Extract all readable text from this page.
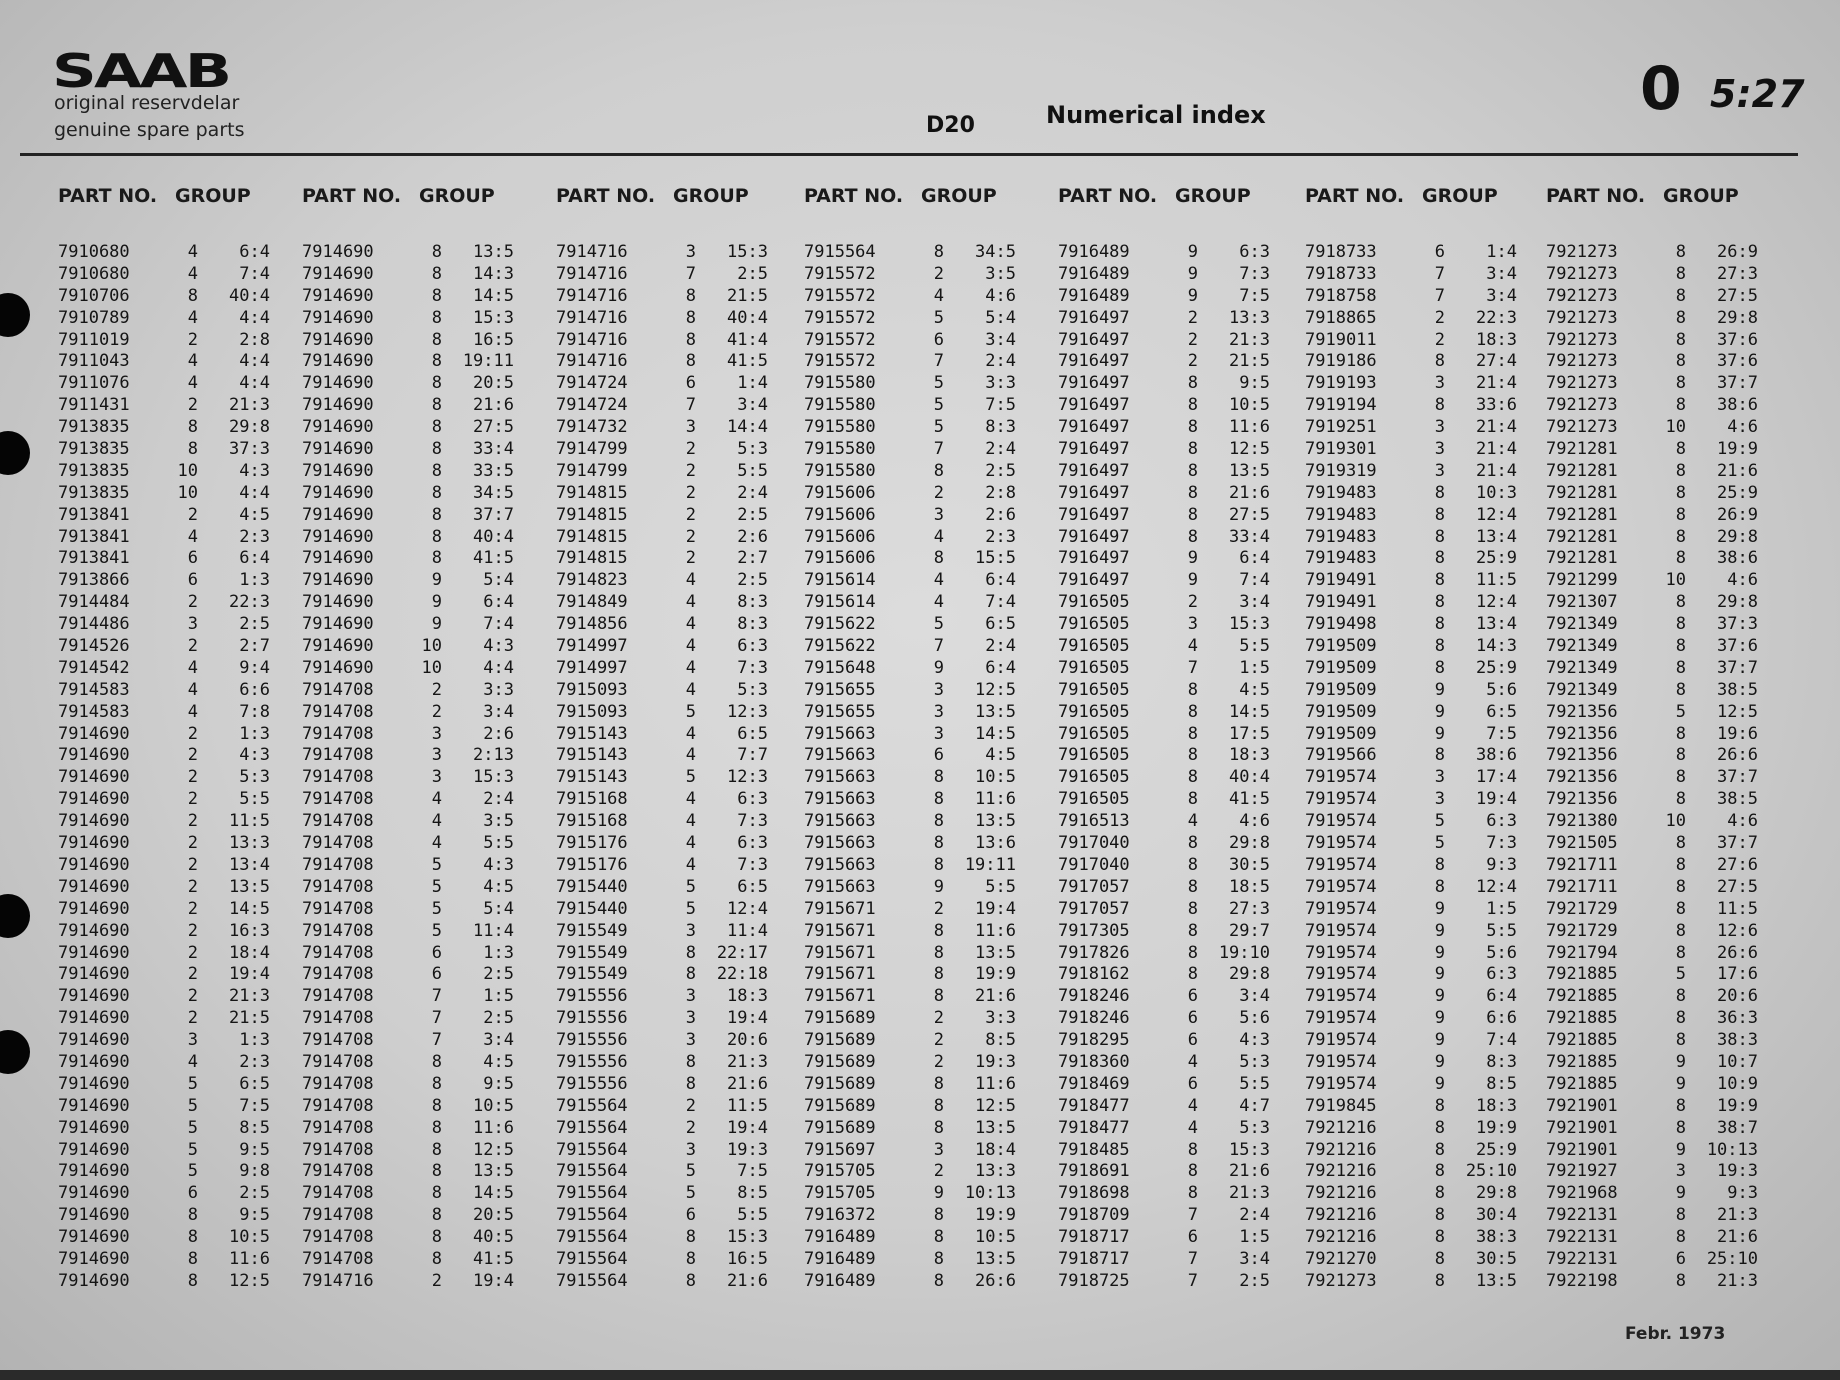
SAAB
original reservdelar
genuine spare parts	D20	Numerical index	0 5:27
PART NO. GROUP
7910680	4	6:4
7910680	4	7:4
7910706	8	40:4
7910789	4	4:4
7911019	2	2:8
7911043	4	4:4
7911076	4	4:4
7911431	2	21:3
7913835	8	29:8
7913835	8	37:3
7913835	10	4:3
7913835	10	4:4
7913841	2	4:5
7913841	4	2:3
7913841	6	6:4
7913866	6	1:3
7914484	2	22:3
7914486	3	2:5
7914526	2	2:7
7914542	4	9:4
7914583	4	6:6
7914583	4	7:8
7914690	2	1:3
7914690	2	4:3
7914690	2	5:3
7914690	2	5:5
7914690	2	11:5
7914690	2	13:3
7914690	2	13:4
7914690	2	13:5
7914690	2	14:5
7914690	2	16:3
7914690	2	18:4
7914690	2	19:4
7914690	2	21:3
7914690	2	21:5
7914690	3	1:3
7914690	4	2:3
7914690	5	6:5
7914690	5	7:5
7914690	5	8:5
7914690	5	9:5
7914690	5	9:8
7914690	6	2:5
7914690	8	9:5
7914690	8	10:5
7914690	8	11:6
7914690	8	12:5
PART NO. GROUP
7914690	8	13:5
7914690	8	14:3
7914690	8	14:5
7914690	8	15:3
7914690	8	16:5
7914690	8	19:11
7914690	8	20:5
7914690	8	21:6
7914690	8	27:5
7914690	8	33:4
7914690	8	33:5
7914690	8	34:5
7914690	8	37:7
7914690	8	40:4
7914690	8	41:5
7914690	9	5:4
7914690	9	6:4
7914690	9	7:4
7914690	10	4:3
7914690	10	4:4
7914708	2	3:3
7914708	2	3:4
7914708	3	2:6
7914708	3	2:13
7914708	3	15:3
7914708	4	2:4
7914708	4	3:5
7914708	4	5:5
7914708	5	4:3
7914708	5	4:5
7914708	5	5:4
7914708	5	11:4
7914708	6	1:3
7914708	6	2:5
7914708	7	1:5
7914708	7	2:5
7914708	7	3:4
7914708	8	4:5
7914708	8	9:5
7914708	8	10:5
7914708	8	11:6
7914708	8	12:5
7914708	8	13:5
7914708	8	14:5
7914708	8	20:5
7914708	8	40:5
7914708	8	41:5
7914716	2	19:4
PART NO. GROUP
7914716	3	15:3
7914716	7	2:5
7914716	8	21:5
7914716	8	40:4
7914716	8	41:4
7914716	8	41:5
7914724	6	1:4
7914724	7	3:4
7914732	3	14:4
7914799	2	5:3
7914799	2	5:5
7914815	2	2:4
7914815	2	2:5
7914815	2	2:6
7914815	2	2:7
7914823	4	2:5
7914849	4	8:3
7914856	4	8:3
7914997	4	6:3
7914997	4	7:3
7915093	4	5:3
7915093	5	12:3
7915143	4	6:5
7915143	4	7:7
7915143	5	12:3
7915168	4	6:3
7915168	4	7:3
7915176	4	6:3
7915176	4	7:3
7915440	5	6:5
7915440	5	12:4
7915549	3	11:4
7915549	8	22:17
7915549	8	22:18
7915556	3	18:3
7915556	3	19:4
7915556	3	20:6
7915556	8	21:3
7915556	8	21:6
7915564	2	11:5
7915564	2	19:4
7915564	3	19:3
7915564	5	7:5
7915564	5	8:5
7915564	6	5:5
7915564	8	15:3
7915564	8	16:5
7915564	8	21:6
PART NO. GROUP
7915564	8	34:5
7915572	2	3:5
7915572	4	4:6
7915572	5	5:4
7915572	6	3:4
7915572	7	2:4
7915580	5	3:3
7915580	5	7:5
7915580	5	8:3
7915580	7	2:4
7915580	8	2:5
7915606	2	2:8
7915606	3	2:6
7915606	4	2:3
7915606	8	15:5
7915614	4	6:4
7915614	4	7:4
7915622	5	6:5
7915622	7	2:4
7915648	9	6:4
7915655	3	12:5
7915655	3	13:5
7915663	3	14:5
7915663	6	4:5
7915663	8	10:5
7915663	8	11:6
7915663	8	13:5
7915663	8	13:6
7915663	8	19:11
7915663	9	5:5
7915671	2	19:4
7915671	8	11:6
7915671	8	13:5
7915671	8	19:9
7915671	8	21:6
7915689	2	3:3
7915689	2	8:5
7915689	2	19:3
7915689	8	11:6
7915689	8	12:5
7915689	8	13:5
7915697	3	18:4
7915705	2	13:3
7915705	9	10:13
7916372	8	19:9
7916489	8	10:5
7916489	8	13:5
7916489	8	26:6
PART NO. GROUP
7916489	9	6:3
7916489	9	7:3
7916489	9	7:5
7916497	2	13:3
7916497	2	21:3
7916497	2	21:5
7916497	8	9:5
7916497	8	10:5
7916497	8	11:6
7916497	8	12:5
7916497	8	13:5
7916497	8	21:6
7916497	8	27:5
7916497	8	33:4
7916497	9	6:4
7916497	9	7:4
7916505	2	3:4
7916505	3	15:3
7916505	4	5:5
7916505	7	1:5
7916505	8	4:5
7916505	8	14:5
7916505	8	17:5
7916505	8	18:3
7916505	8	40:4
7916505	8	41:5
7916513	4	4:6
7917040	8	29:8
7917040	8	30:5
7917057	8	18:5
7917057	8	27:3
7917305	8	29:7
7917826	8	19:10
7918162	8	29:8
7918246	6	3:4
7918246	6	5:6
7918295	6	4:3
7918360	4	5:3
7918469	6	5:5
7918477	4	4:7
7918477	4	5:3
7918485	8	15:3
7918691	8	21:6
7918698	8	21:3
7918709	7	2:4
7918717	6	1:5
7918717	7	3:4
7918725	7	2:5
PART NO. GROUP
7918733	6	1:4
7918733	7	3:4
7918758	7	3:4
7918865	2	22:3
7919011	2	18:3
7919186	8	27:4
7919193	3	21:4
7919194	8	33:6
7919251	3	21:4
7919301	3	21:4
7919319	3	21:4
7919483	8	10:3
7919483	8	12:4
7919483	8	13:4
7919483	8	25:9
7919491	8	11:5
7919491	8	12:4
7919498	8	13:4
7919509	8	14:3
7919509	8	25:9
7919509	9	5:6
7919509	9	6:5
7919509	9	7:5
7919566	8	38:6
7919574	3	17:4
7919574	3	19:4
7919574	5	6:3
7919574	5	7:3
7919574	8	9:3
7919574	8	12:4
7919574	9	1:5
7919574	9	5:5
7919574	9	5:6
7919574	9	6:3
7919574	9	6:4
7919574	9	6:6
7919574	9	7:4
7919574	9	8:3
7919574	9	8:5
7919845	8	18:3
7921216	8	19:9
7921216	8	25:9
7921216	8	25:10
7921216	8	29:8
7921216	8	30:4
7921216	8	38:3
7921270	8	30:5
7921273	8	13:5
PART NO. GROUP
7921273	8	26:9
7921273	8	27:3
7921273	8	27:5
7921273	8	29:8
7921273	8	37:6
7921273	8	37:6
7921273	8	37:7
7921273	8	38:6
7921273	10	4:6
7921281	8	19:9
7921281	8	21:6
7921281	8	25:9
7921281	8	26:9
7921281	8	29:8
7921281	8	38:6
7921299	10	4:6
7921307	8	29:8
7921349	8	37:3
7921349	8	37:6
7921349	8	37:7
7921349	8	38:5
7921356	5	12:5
7921356	8	19:6
7921356	8	26:6
7921356	8	37:7
7921356	8	38:5
7921380	10	4:6
7921505	8	37:7
7921711	8	27:6
7921711	8	27:5
7921729	8	11:5
7921729	8	12:6
7921794	8	26:6
7921885	5	17:6
7921885	8	20:6
7921885	8	36:3
7921885	8	38:3
7921885	9	10:7
7921885	9	10:9
7921901	8	19:9
7921901	8	38:7
7921901	9	10:13
7921927	3	19:3
7921968	9	9:3
7922131	8	21:3
7922131	8	21:6
7922131	6	25:10
7922198	8	21:3
Febr. 1973
